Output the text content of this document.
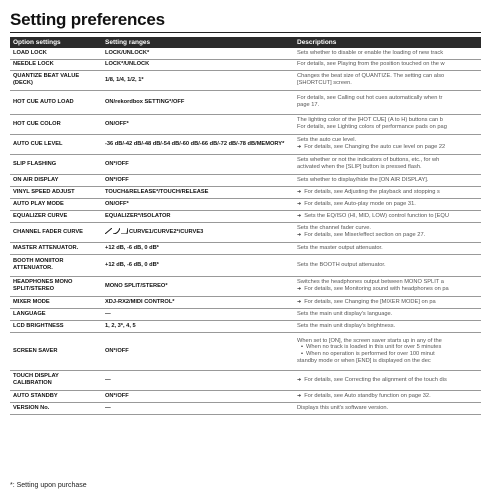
Setting preferences
Option settings	Setting ranges	Descriptions
LOAD LOCK	LOCK/UNLOCK*	Sets whether to disable or enable the loading of new track

NEEDLE LOCK	LOCK*/UNLOCK	For details, see Playing from the position touched on the w

QUANTIZE BEAT VALUE (DECK)	1/8, 1/4, 1/2, 1*	Changes the beat size of QUANTIZE. The setting can also
[SHORTCUT] screen.

HOT CUE AUTO LOAD	ON/rekordbox SETTING*/OFF	For details, see Calling out hot cues automatically when tr
page 17.

HOT CUE COLOR	ON/OFF*	The lighting color of the [HOT CUE] (A to H) buttons can b
For details, see Lighting colors of performance pads on pag

AUTO CUE LEVEL	-36 dB/-42 dB/-48 dB/-54 dB/-60 dB/-66 dB/-72 dB/-78 dB/MEMORY*	Sets the auto cue level.
➜ For details, see Changing the auto cue level on page 22

SLIP FLASHING	ON*/OFF	Sets whether or not the indicators of buttons, etc., for wh
activated when the [SLIP] button is pressed flash.

ON AIR DISPLAY	ON*/OFF	Sets whether to display/hide the [ON AIR DISPLAY].

VINYL SPEED ADJUST	TOUCH&RELEASE*/TOUCH/RELEASE	➜ For details, see Adjusting the playback and stopping s

AUTO PLAY MODE	ON/OFF*	➜ For details, see Auto-play mode on page 31.

EQUALIZER CURVE	EQUALIZER*/ISOLATOR	➜ Sets the EQ/ISO (HI, MID, LOW) control function to [EQU

CHANNEL FADER CURVE	CURVE1/CURVE2*/CURVE3	Sets the channel fader curve.
➜ For details, see Mixer/effect section on page 27.

MASTER ATTENUATOR.	+12 dB, -6 dB, 0 dB*	Sets the master output attenuator.

BOOTH MONIITOR ATTENUATOR.	+12 dB, -6 dB, 0 dB*	Sets the BOOTH output attenuator.

HEADPHONES MONO SPLIT/STEREO	MONO SPLIT/STEREO*	Switches the headphones output between MONO SPLIT a
➜ For details, see Monitoring sound with headphones on pa

MIXER MODE	XDJ-RX2/MIDI CONTROL*	➜ For details, see Changing the [MIXER MODE] on pa

LANGUAGE	—	Sets the main unit display's language.

LCD BRIGHTNESS	1, 2, 3*, 4, 5	Sets the main unit display's brightness.

SCREEN SAVER	ON*/OFF	When set to [ON], the screen saver starts up in any of the
• When no track is loaded in this unit for over 5 minutes
• When no operation is performed for over 100 minut
standby mode or when [END] is displayed on the dec

TOUCH DISPLAY CALIBRATION	—	➜ For details, see Correcting the alignment of the touch dis

AUTO STANDBY	ON*/OFF	➜ For details, see Auto standby function on page 32.

VERSION No.	—	Displays this unit's software version.
*: Setting upon purchase
